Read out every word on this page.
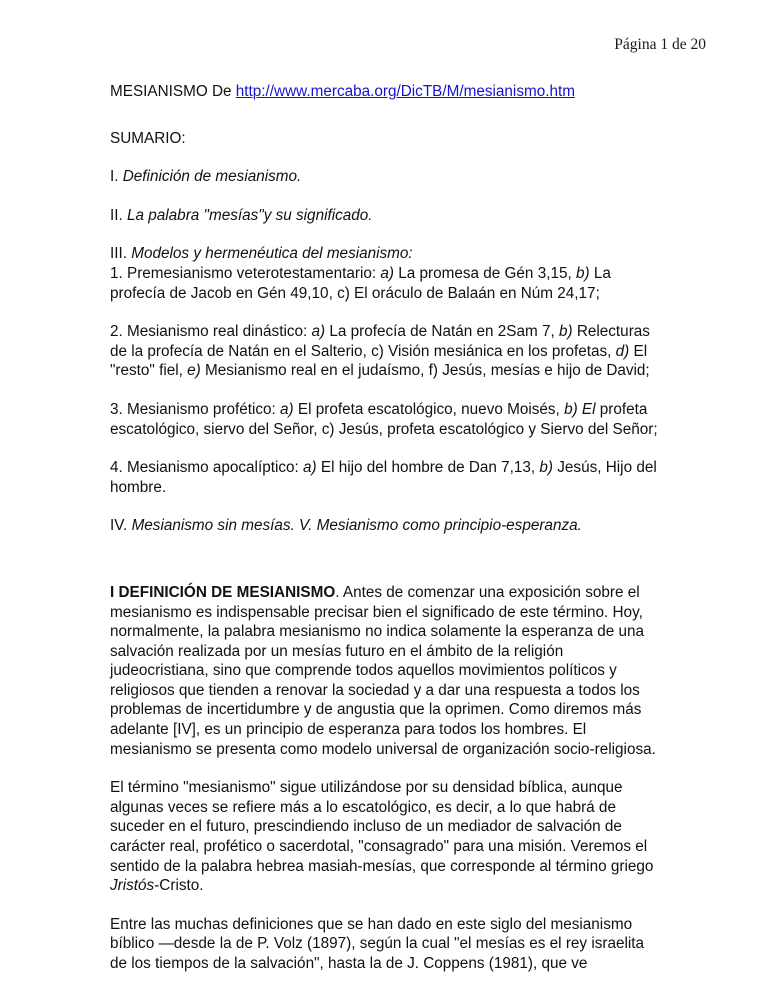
Página 1 de 20
MESIANISMO De http://www.mercaba.org/DicTB/M/mesianismo.htm
SUMARIO:
I. Definición de mesianismo.
II. La palabra "mesías"y su significado.
III. Modelos y hermenéutica del mesianismo:
1. Premesianismo veterotestamentario: a) La promesa de Gén 3,15, b) La profecía de Jacob en Gén 49,10, c) El oráculo de Balaán en Núm 24,17;
2. Mesianismo real dinástico: a) La profecía de Natán en 2Sam 7, b) Relecturas de la profecía de Natán en el Salterio, c) Visión mesiánica en los profetas, d) El "resto" fiel, e) Mesianismo real en el judaísmo, f) Jesús, mesías e hijo de David;
3. Mesianismo profético: a) El profeta escatológico, nuevo Moisés, b) El profeta escatológico, siervo del Señor, c) Jesús, profeta escatológico y Siervo del Señor;
4. Mesianismo apocalíptico: a) El hijo del hombre de Dan 7,13, b) Jesús, Hijo del hombre.
IV. Mesianismo sin mesías. V. Mesianismo como principio-esperanza.
I DEFINICIÓN DE MESIANISMO. Antes de comenzar una exposición sobre el mesianismo es indispensable precisar bien el significado de este término. Hoy, normalmente, la palabra mesianismo no indica solamente la esperanza de una salvación realizada por un mesías futuro en el ámbito de la religión judeocristiana, sino que comprende todos aquellos movimientos políticos y religiosos que tienden a renovar la sociedad y a dar una respuesta a todos los problemas de incertidumbre y de angustia que la oprimen. Como diremos más adelante [IV], es un principio de esperanza para todos los hombres. El mesianismo se presenta como modelo universal de organización socio-religiosa.
El término "mesianismo" sigue utilizándose por su densidad bíblica, aunque algunas veces se refiere más a lo escatológico, es decir, a lo que habrá de suceder en el futuro, prescindiendo incluso de un mediador de salvación de carácter real, profético o sacerdotal, "consagrado" para una misión. Veremos el sentido de la palabra hebrea masiah-mesías, que corresponde al término griego Jristós-Cristo.
Entre las muchas definiciones que se han dado en este siglo del mesianismo bíblico —desde la de P. Volz (1897), según la cual "el mesías es el rey israelita de los tiempos de la salvación", hasta la de J. Coppens (1981), que ve
